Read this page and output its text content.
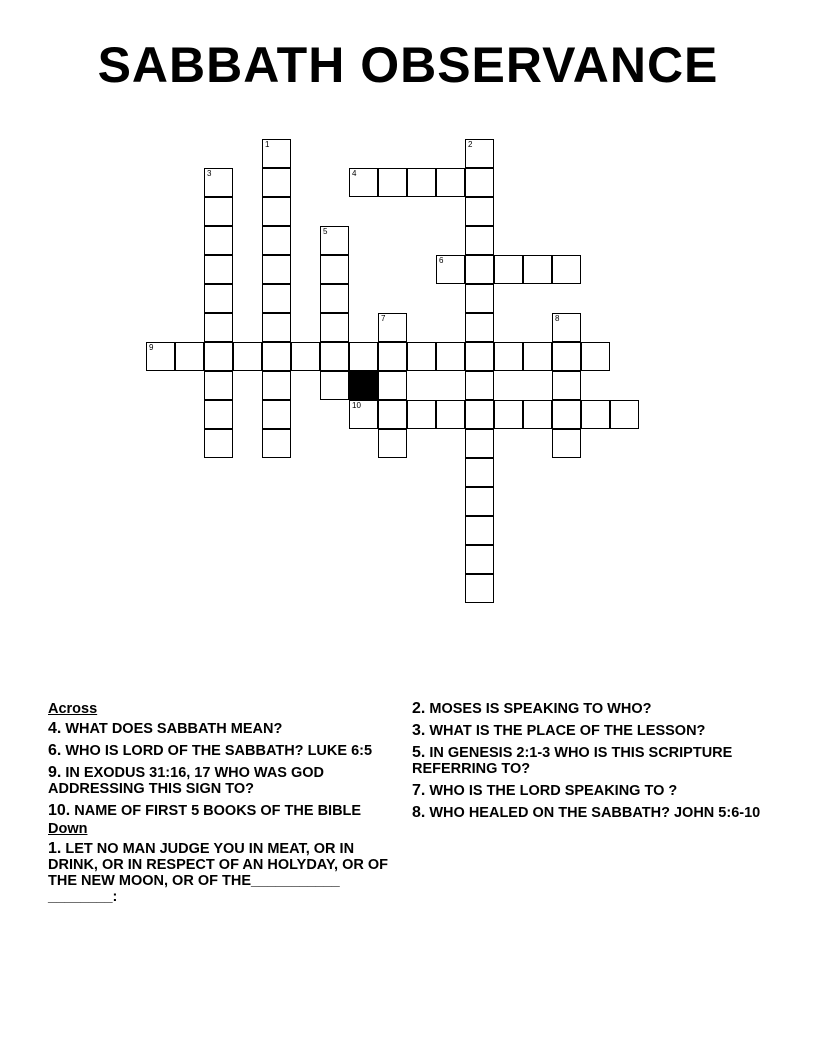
SABBATH OBSERVANCE
1	2
3	4
5
6
7	8
9
10
Across
4. WHAT DOES SABBATH MEAN?
6. WHO IS LORD OF THE SABBATH? LUKE 6:5
9. IN EXODUS 31:16, 17 WHO WAS GOD ADDRESSING THIS SIGN TO?
10. NAME OF FIRST 5 BOOKS OF THE BIBLE
Down
1. LET NO MAN JUDGE YOU IN MEAT, OR IN DRINK, OR IN RESPECT OF AN HOLYDAY, OR OF THE NEW MOON, OR OF THE___________ ________:
2. MOSES IS SPEAKING TO WHO?
3. WHAT IS THE PLACE OF THE LESSON?
5. IN GENESIS 2:1-3 WHO IS THIS SCRIPTURE REFERRING TO?
7. WHO IS THE LORD SPEAKING TO ?
8. WHO HEALED ON THE SABBATH? JOHN 5:6-10
